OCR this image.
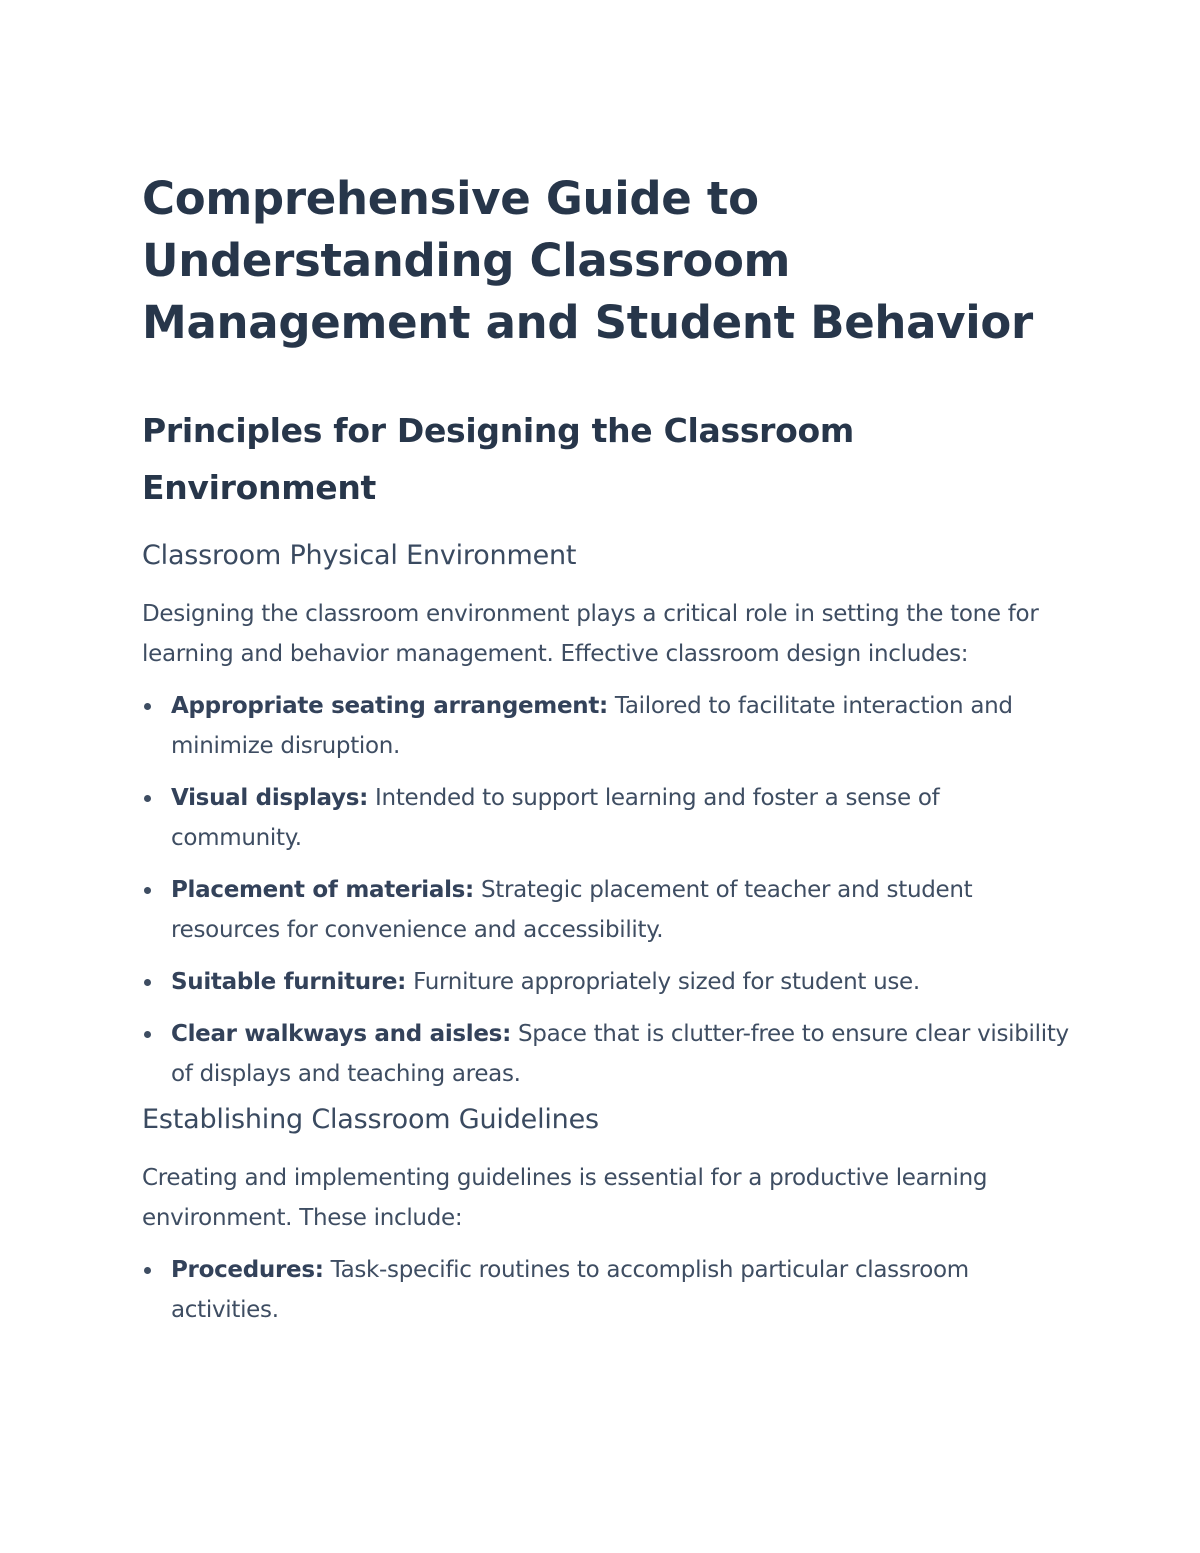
Comprehensive Guide to Understanding Classroom Management and Student Behavior
Principles for Designing the Classroom Environment
Classroom Physical Environment

Designing the classroom environment plays a critical role in setting the tone for learning and behavior management. Effective classroom design includes:

Appropriate seating arrangement: Tailored to facilitate interaction and minimize disruption.
Visual displays: Intended to support learning and foster a sense of community.
Placement of materials: Strategic placement of teacher and student resources for convenience and accessibility.
Suitable furniture: Furniture appropriately sized for student use.
Clear walkways and aisles: Space that is clutter-free to ensure clear visibility of displays and teaching areas.
Establishing Classroom Guidelines

Creating and implementing guidelines is essential for a productive learning environment. These include:

Procedures: Task-specific routines to accomplish particular classroom activities.
